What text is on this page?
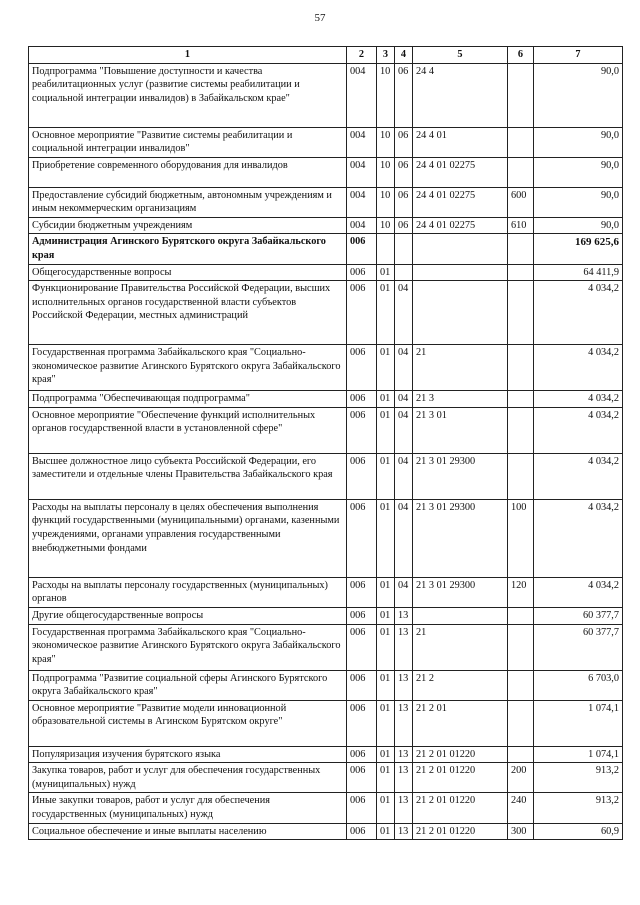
57
1	2	3	4	5	6	7
Подпрограмма "Повышение доступности и качества реабилитационных услуг (развитие системы реабилитации и социальной интеграции инвалидов) в Забайкальском крае"	004	10	06	24 4		90,0
Основное мероприятие "Развитие системы реабилитации и социальной интеграции инвалидов"	004	10	06	24 4 01		90,0
Приобретение современного оборудования для инвалидов	004	10	06	24 4 01 02275		90,0
Предоставление субсидий бюджетным, автономным учреждениям и иным некоммерческим организациям	004	10	06	24 4 01 02275	600	90,0
Субсидии бюджетным учреждениям	004	10	06	24 4 01 02275	610	90,0
Администрация Агинского Бурятского округа Забайкальского края	006					169 625,6
Общегосударственные вопросы	006	01				64 411,9
Функционирование Правительства Российской Федерации, высших исполнительных органов государственной власти субъектов Российской Федерации, местных администраций	006	01	04			4 034,2
Государственная программа Забайкальского края "Социально-экономическое развитие Агинского Бурятского округа Забайкальского края"	006	01	04	21		4 034,2
Подпрограмма "Обеспечивающая подпрограмма"	006	01	04	21 3		4 034,2
Основное мероприятие "Обеспечение функций исполнительных органов государственной власти в установленной сфере"	006	01	04	21 3 01		4 034,2
Высшее должностное лицо субъекта Российской Федерации, его заместители и отдельные члены Правительства Забайкальского края	006	01	04	21 3 01 29300		4 034,2
Расходы на выплаты персоналу в целях обеспечения выполнения функций государственными (муниципальными) органами, казенными учреждениями, органами управления государственными внебюджетными фондами	006	01	04	21 3 01 29300	100	4 034,2
Расходы на выплаты персоналу государственных (муниципальных) органов	006	01	04	21 3 01 29300	120	4 034,2
Другие общегосударственные вопросы	006	01	13			60 377,7
Государственная программа Забайкальского края "Социально-экономическое развитие Агинского Бурятского округа Забайкальского края"	006	01	13	21		60 377,7
Подпрограмма "Развитие социальной сферы Агинского Бурятского округа Забайкальского края"	006	01	13	21 2		6 703,0
Основное мероприятие "Развитие модели инновационной образовательной системы в Агинском Бурятском округе"	006	01	13	21 2 01		1 074,1
Популяризация изучения бурятского языка	006	01	13	21 2 01 01220		1 074,1
Закупка товаров, работ и услуг для обеспечения государственных (муниципальных) нужд	006	01	13	21 2 01 01220	200	913,2
Иные закупки товаров, работ и услуг для обеспечения государственных (муниципальных) нужд	006	01	13	21 2 01 01220	240	913,2
Социальное обеспечение и иные выплаты населению	006	01	13	21 2 01 01220	300	60,9
